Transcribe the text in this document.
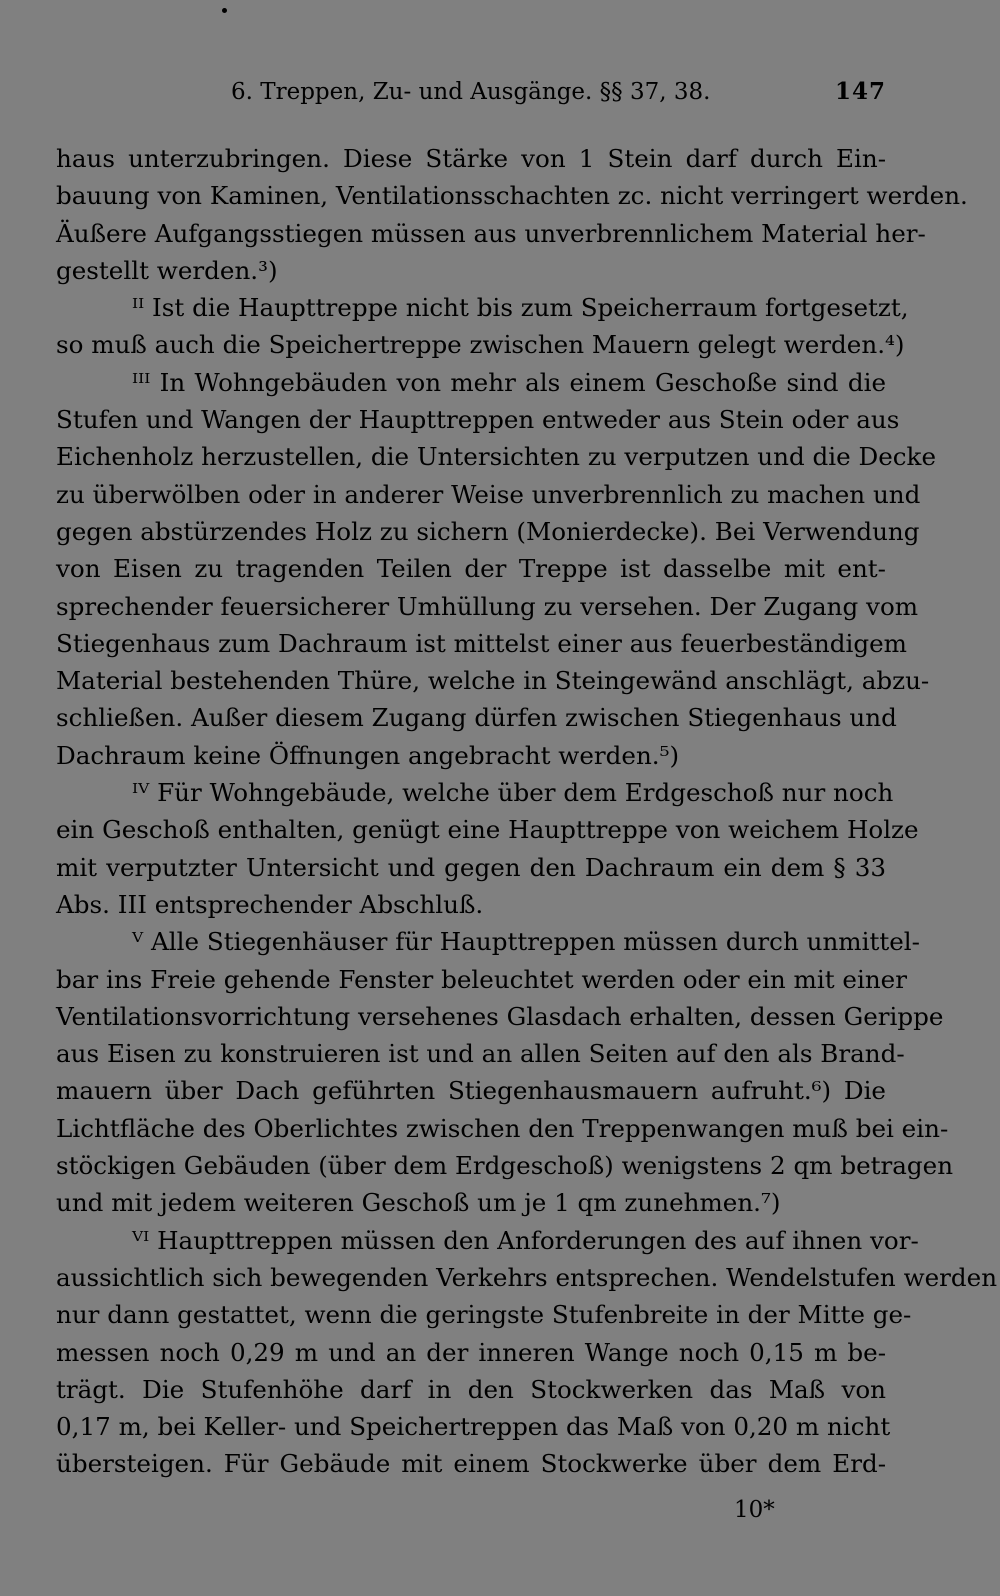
6. Treppen, Zu- und Ausgänge. §§ 37, 38.	147
haus unterzubringen. Diese Stärke von 1 Stein darf durch Ein-
bauung von Kaminen, Ventilationsschachten zc. nicht verringert werden.
Äußere Aufgangsstiegen müssen aus unverbrennlichem Material her-
gestellt werden.³)
ᴵᴵ Ist die Haupttreppe nicht bis zum Speicherraum fortgesetzt,
so muß auch die Speichertreppe zwischen Mauern gelegt werden.⁴)
ᴵᴵᴵ In Wohngebäuden von mehr als einem Geschoße sind die
Stufen und Wangen der Haupttreppen entweder aus Stein oder aus
Eichenholz herzustellen, die Untersichten zu verputzen und die Decke
zu überwölben oder in anderer Weise unverbrennlich zu machen und
gegen abstürzendes Holz zu sichern (Monierdecke). Bei Verwendung
von Eisen zu tragenden Teilen der Treppe ist dasselbe mit ent-
sprechender feuersicherer Umhüllung zu versehen. Der Zugang vom
Stiegenhaus zum Dachraum ist mittelst einer aus feuerbeständigem
Material bestehenden Thüre, welche in Steingewänd anschlägt, abzu-
schließen. Außer diesem Zugang dürfen zwischen Stiegenhaus und
Dachraum keine Öffnungen angebracht werden.⁵)
ᴵⱽ Für Wohngebäude, welche über dem Erdgeschoß nur noch
ein Geschoß enthalten, genügt eine Haupttreppe von weichem Holze
mit verputzter Untersicht und gegen den Dachraum ein dem § 33
Abs. III entsprechender Abschluß.
ⱽ Alle Stiegenhäuser für Haupttreppen müssen durch unmittel-
bar ins Freie gehende Fenster beleuchtet werden oder ein mit einer
Ventilationsvorrichtung versehenes Glasdach erhalten, dessen Gerippe
aus Eisen zu konstruieren ist und an allen Seiten auf den als Brand-
mauern über Dach geführten Stiegenhausmauern aufruht.⁶) Die
Lichtfläche des Oberlichtes zwischen den Treppenwangen muß bei ein-
stöckigen Gebäuden (über dem Erdgeschoß) wenigstens 2 qm betragen
und mit jedem weiteren Geschoß um je 1 qm zunehmen.⁷)
ⱽᴵ Haupttreppen müssen den Anforderungen des auf ihnen vor-
aussichtlich sich bewegenden Verkehrs entsprechen. Wendelstufen werden
nur dann gestattet, wenn die geringste Stufenbreite in der Mitte ge-
messen noch 0,29 m und an der inneren Wange noch 0,15 m be-
trägt. Die Stufenhöhe darf in den Stockwerken das Maß von
0,17 m, bei Keller- und Speichertreppen das Maß von 0,20 m nicht
übersteigen. Für Gebäude mit einem Stockwerke über dem Erd-
10*
